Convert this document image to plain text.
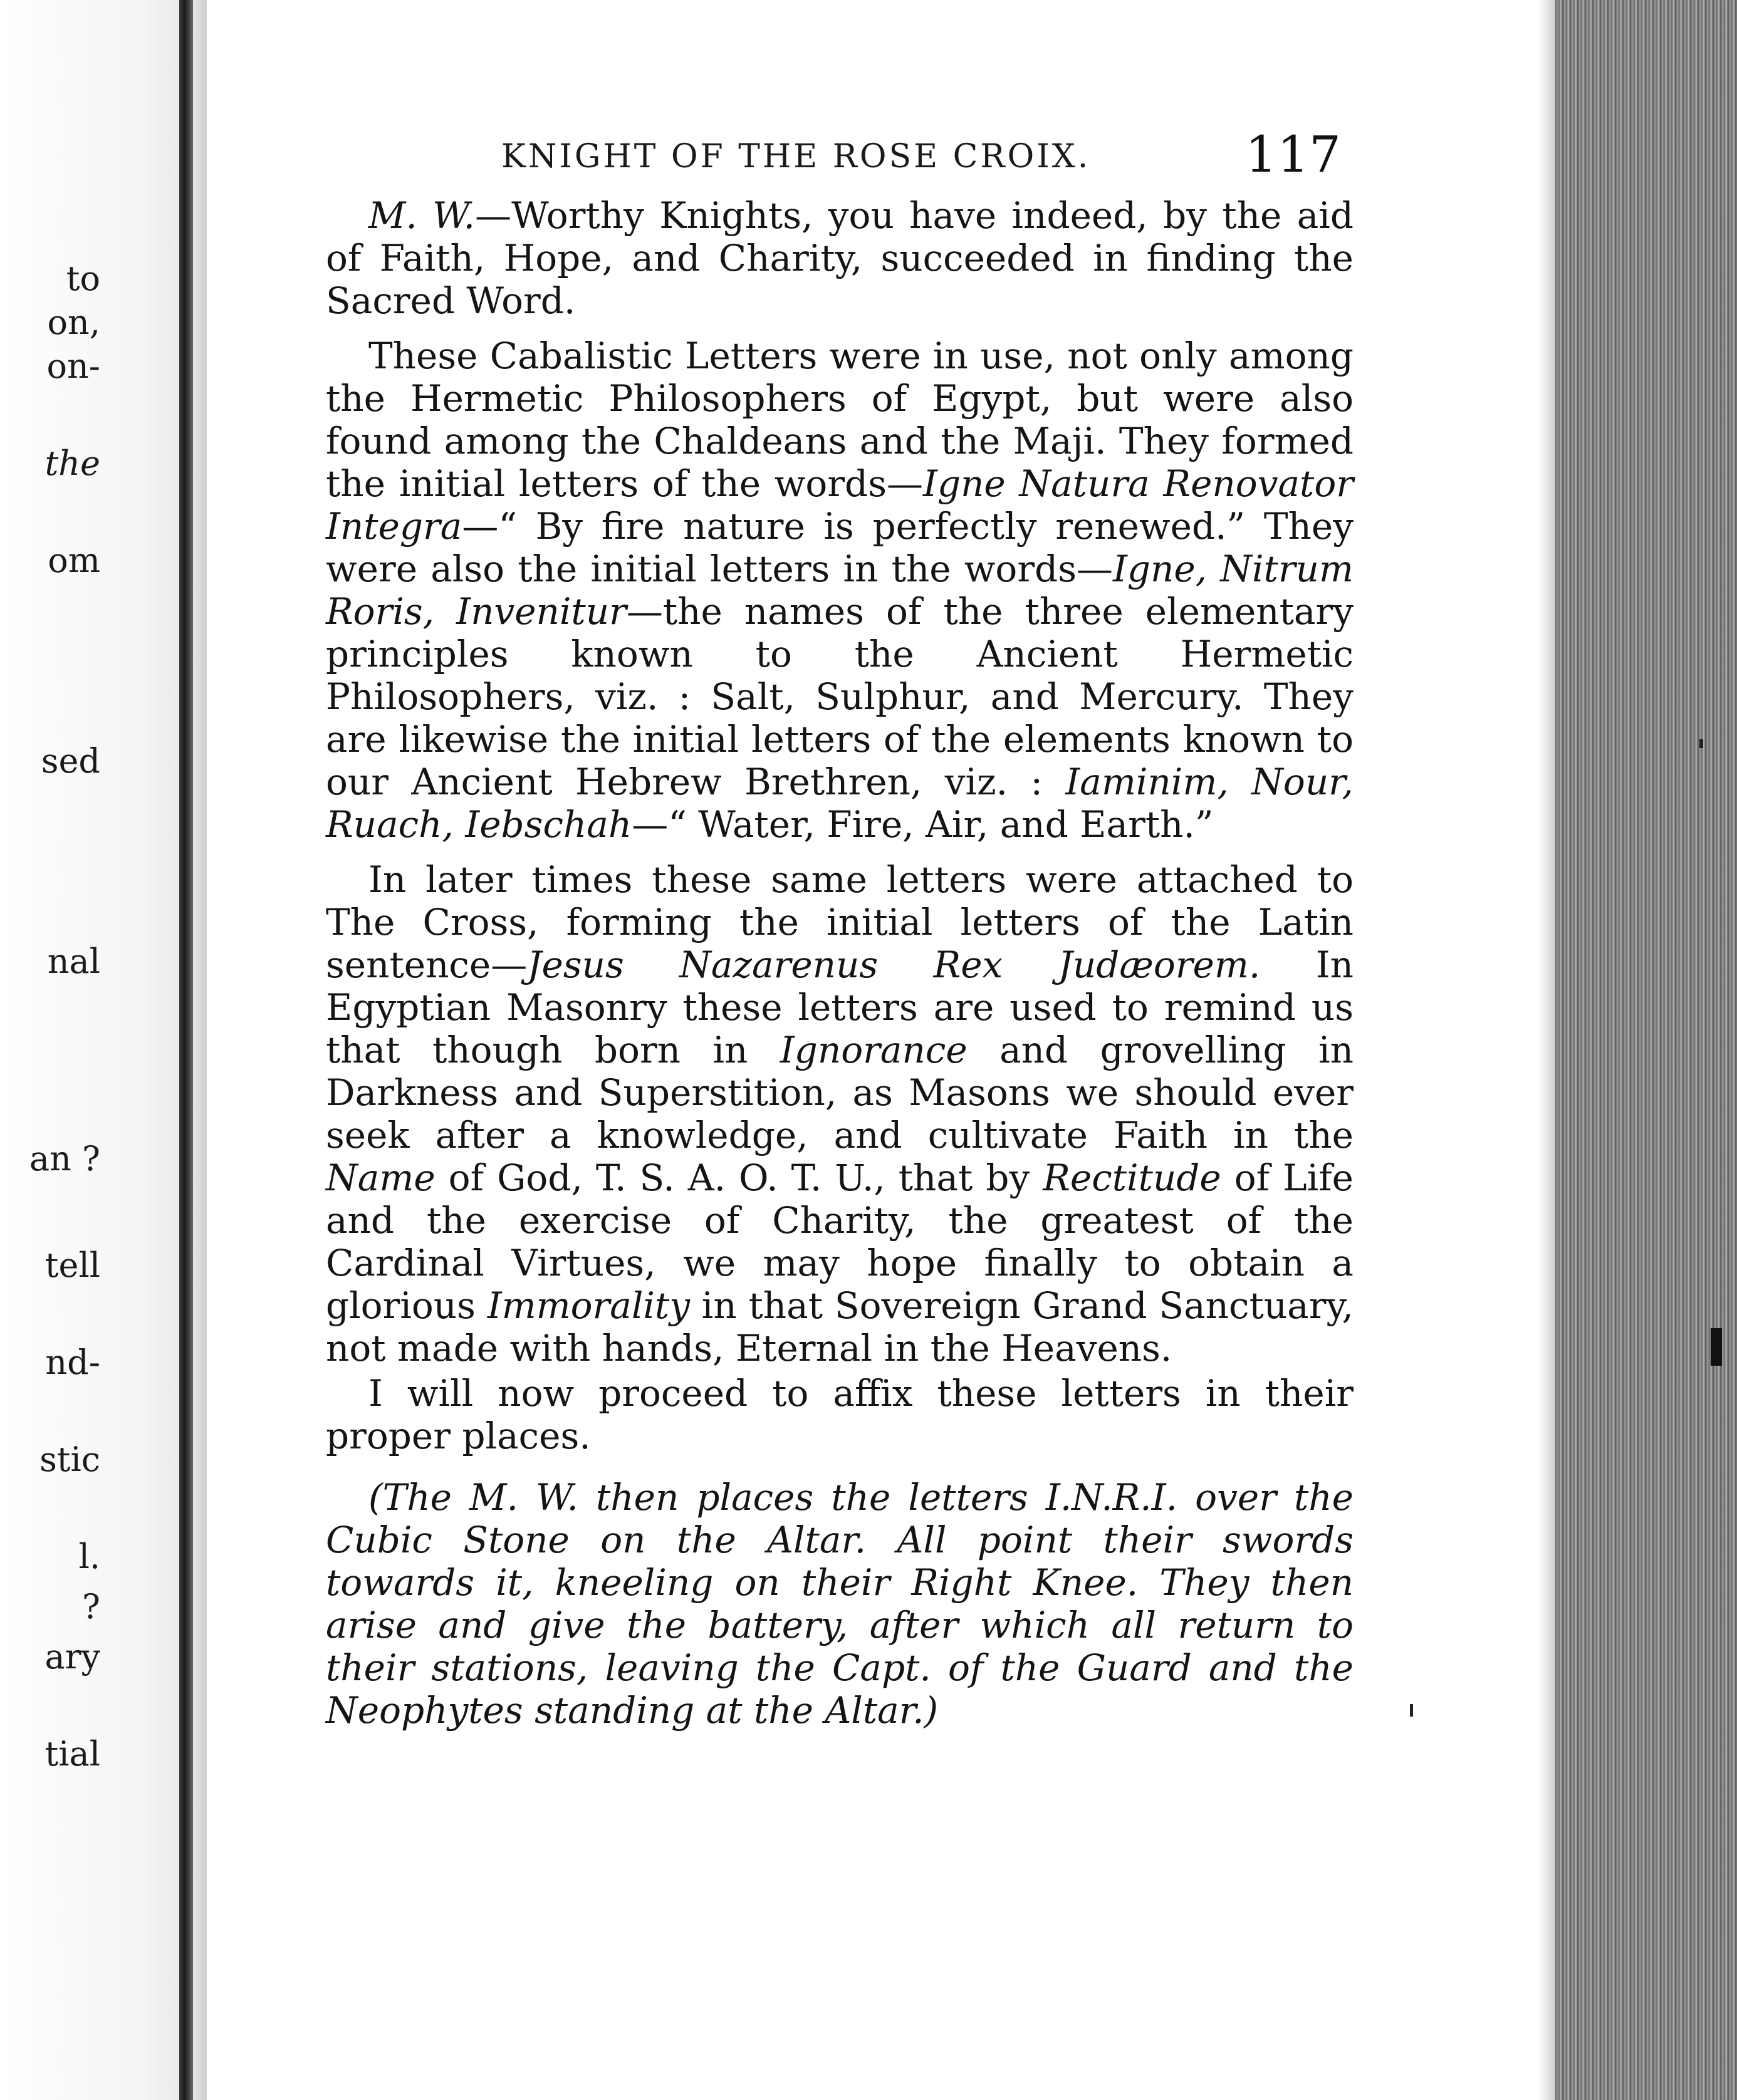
to
on,
on-
the
om
sed
nal
an ?
tell
nd-
stic
l.
?
ary
tial
KNIGHT OF THE ROSE CROIX.	117

M. W.—Worthy Knights, you have indeed, by the aid of Faith, Hope, and Charity, succeeded in finding the Sacred Word.

These Cabalistic Letters were in use, not only among the Hermetic Philosophers of Egypt, but were also found among the Chaldeans and the Maji. They formed the initial letters of the words—Igne Natura Renovator Integra—“ By fire nature is perfectly renewed.” They were also the initial letters in the words—Igne, Nitrum Roris, Invenitur—the names of the three elementary principles known to the Ancient Hermetic Philosophers, viz. : Salt, Sulphur, and Mercury. They are likewise the initial letters of the elements known to our Ancient Hebrew Brethren, viz. : Iaminim, Nour, Ruach, Iebschah—“ Water, Fire, Air, and Earth.”

In later times these same letters were attached to The Cross, forming the initial letters of the Latin sentence—Jesus Nazarenus Rex Judæorem. In Egyptian Masonry these letters are used to remind us that though born in Ignorance and grovelling in Darkness and Superstition, as Masons we should ever seek after a knowledge, and cultivate Faith in the Name of God, T. S. A. O. T. U., that by Rectitude of Life and the exercise of Charity, the greatest of the Cardinal Virtues, we may hope finally to obtain a glorious Immorality in that Sovereign Grand Sanctuary, not made with hands, Eternal in the Heavens.

I will now proceed to affix these letters in their proper places.

(The M. W. then places the letters I.N.R.I. over the Cubic Stone on the Altar. All point their swords towards it, kneeling on their Right Knee. They then arise and give the battery, after which all return to their stations, leaving the Capt. of the Guard and the Neophytes standing at the Altar.)
